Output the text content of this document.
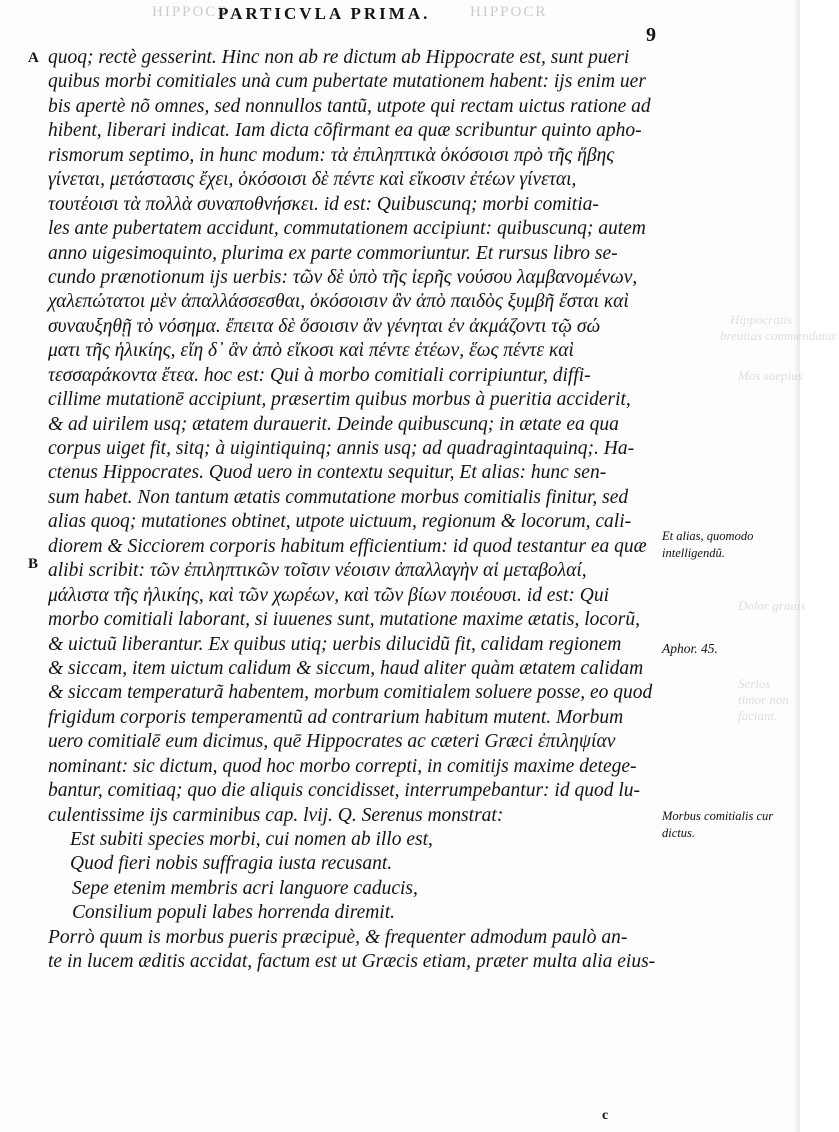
HIPPOCR	HIPPOCR
PARTICVLA PRIMA.
9
A
B
quoq; rectè gesserint. Hinc non ab re dictum ab Hippocrate est, sunt pueri
quibus morbi comitiales unà cum pubertate mutationem habent: ijs enim uer
bis apertè nõ omnes, sed nonnullos tantũ, utpote qui rectam uictus ratione ad
hibent, liberari indicat. Iam dicta cõfirmant ea quæ scribuntur quinto apho-
rismorum septimo, in hunc modum: τὰ ἐπιληπτικὰ ὁκόσοισι πρὸ τῆς ἥβης
γίνεται, μετάστασις ἔχει, ὁκόσοισι δὲ πέντε καὶ εἴκοσιν ἐτέων γίνεται,
τουτέοισι τὰ πολλὰ συναποθνήσκει. id est: Quibuscunq; morbi comitia-
les ante pubertatem accidunt, commutationem accipiunt: quibuscunq; autem
anno uigesimoquinto, plurima ex parte commoriuntur. Et rursus libro se-
cundo prænotionum ijs uerbis: τῶν δὲ ὑπὸ τῆς ἱερῆς νούσου λαμβανομένων,
χαλεπώτατοι μὲν ἀπαλλάσσεσθαι, ὁκόσοισιν ἂν ἀπὸ παιδὸς ξυμβῆ ἔσται καὶ
συναυξηθῇ τὸ νόσημα. ἔπειτα δὲ ὅσοισιν ἂν γένηται ἐν ἀκμάζοντι τῷ σώ
ματι τῆς ἡλικίης, εἴη δ᾽ ἂν ἀπὸ εἴκοσι καὶ πέντε ἐτέων, ἕως πέντε καὶ
τεσσαράκοντα ἔτεα. hoc est: Qui à morbo comitiali corripiuntur, diffi-
cillime mutationē accipiunt, præsertim quibus morbus à pueritia acciderit,
& ad uirilem usq; ætatem durauerit. Deinde quibuscunq; in ætate ea qua
corpus uiget fit, sitq; à uigintiquinq; annis usq; ad quadragintaquinq;. Ha-
ctenus Hippocrates. Quod uero in contextu sequitur, Et alias: hunc sen-
sum habet. Non tantum ætatis commutatione morbus comitialis finitur, sed
alias quoq; mutationes obtinet, utpote uictuum, regionum & locorum, cali-
diorem & Sicciorem corporis habitum efficientium: id quod testantur ea quæ
alibi scribit: τῶν ἐπιληπτικῶν τοῖσιν νέοισιν ἀπαλλαγὴν αἱ μεταβολαί,
μάλιστα τῆς ἡλικίης, καὶ τῶν χωρέων, καὶ τῶν βίων ποιέουσι. id est: Qui
morbo comitiali laborant, si iuuenes sunt, mutatione maxime ætatis, locorũ,
& uictuũ liberantur. Ex quibus utiq; uerbis dilucidũ fit, calidam regionem
& siccam, item uictum calidum & siccum, haud aliter quàm ætatem calidam
& siccam temperaturã habentem, morbum comitialem soluere posse, eo quod
frigidum corporis temperamentũ ad contrarium habitum mutent. Morbum
uero comitialē eum dicimus, quē Hippocrates ac cæteri Græci ἐπιληψίαν
nominant: sic dictum, quod hoc morbo correpti, in comitijs maxime detege-
bantur, comitiaq; quo die aliquis concidisset, interrumpebantur: id quod lu-
culentissime ijs carminibus cap. lvij. Q. Serenus monstrat:
Est subiti species morbi, cui nomen ab illo est,
Quod fieri nobis suffragia iusta recusant.
Sepe etenim membris acri languore caducis,
Consilium populi labes horrenda diremit.
Porrò quum is morbus pueris præcipuè, & frequenter admodum paulò an-
te in lucem æditis accidat, factum est ut Græcis etiam, præter multa alia eius-
Hippocratis
breuitas commendatur.
Mos saepius
Dolor grauis
Serios timor non faciant.
Et alias, quomodo intelligendũ.
Aphor. 45.
Morbus comitialis cur dictus.
c
